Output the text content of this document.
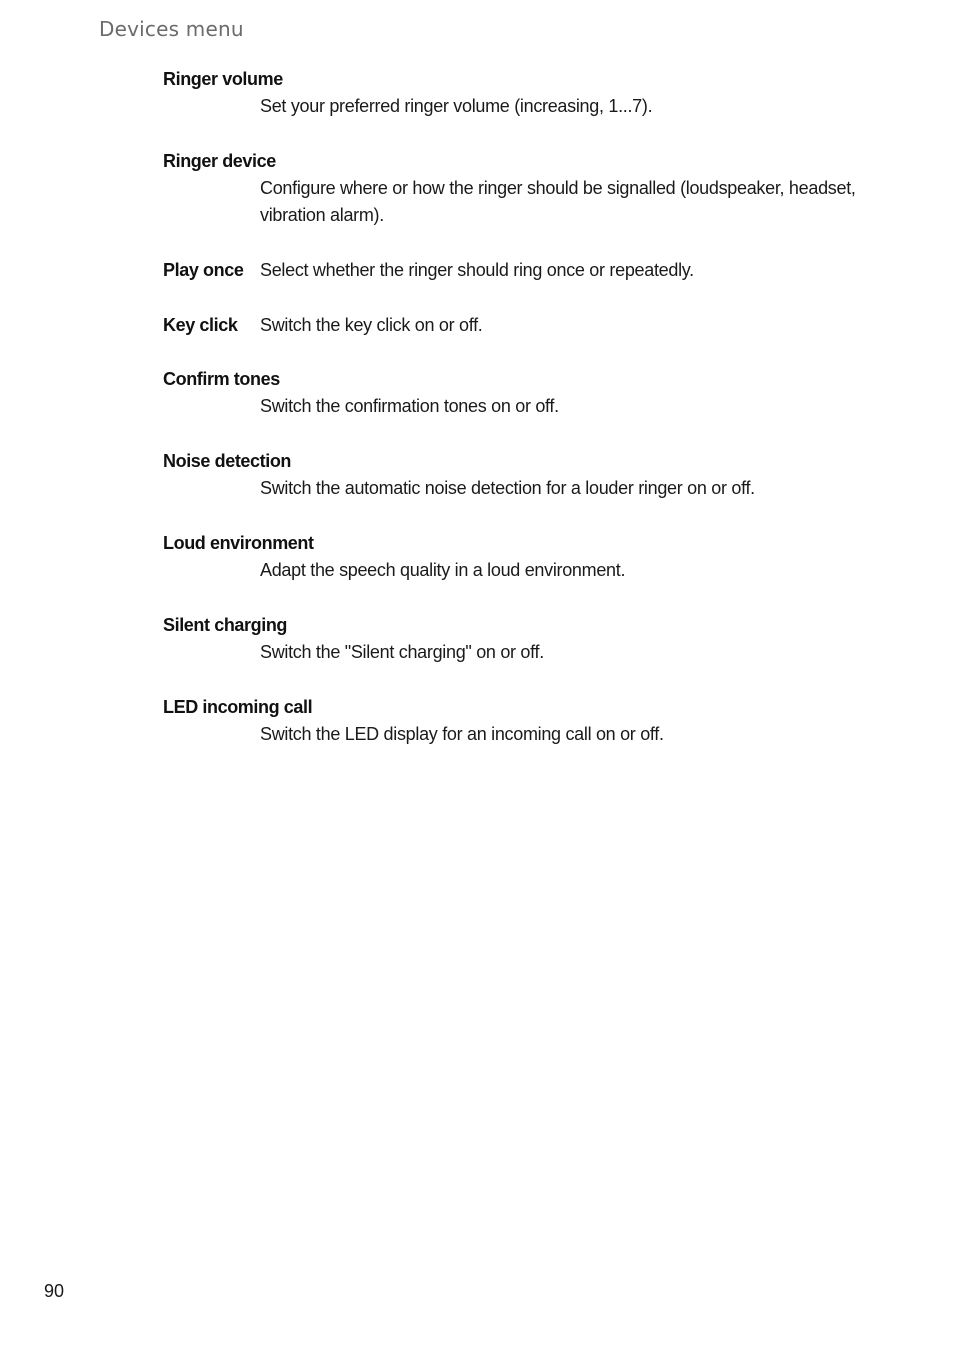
Devices menu
Ringer volume
Set your preferred ringer volume (increasing, 1...7).
Ringer device
Configure where or how the ringer should be signalled (loudspeaker, headset, vibration alarm).
Play once Select whether the ringer should ring once or repeatedly.
Key click Switch the key click on or off.
Confirm tones
Switch the confirmation tones on or off.
Noise detection
Switch the automatic noise detection for a louder ringer on or off.
Loud environment
Adapt the speech quality in a loud environment.
Silent charging
Switch the "Silent charging" on or off.
LED incoming call
Switch the LED display for an incoming call on or off.
90
